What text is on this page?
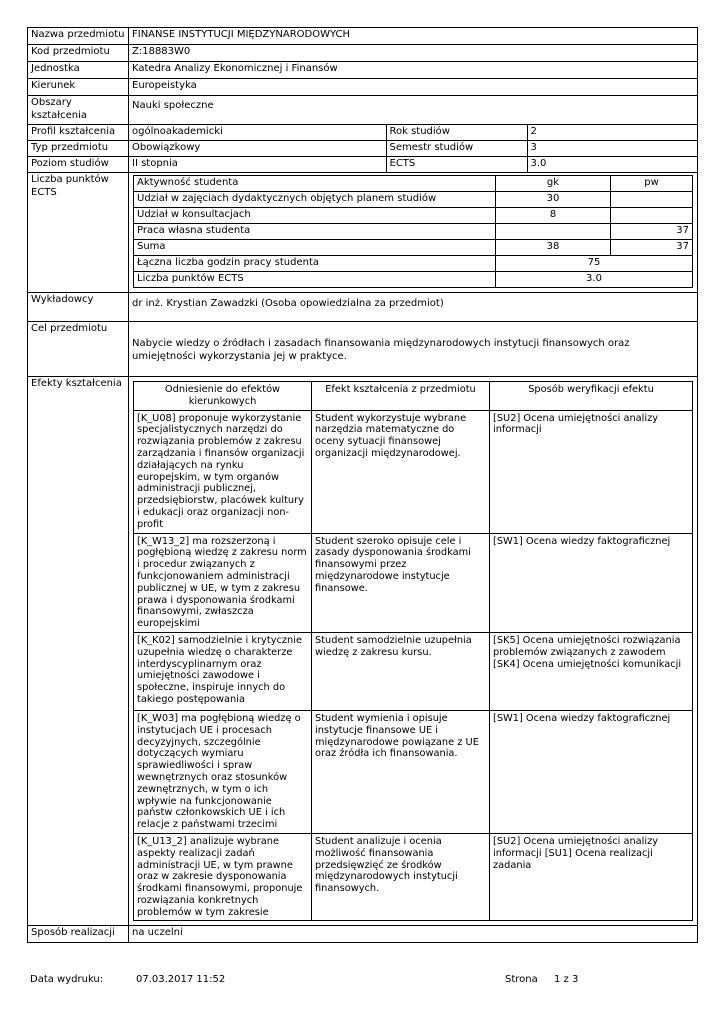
Nazwa przedmiotu	FINANSE INSTYTUCJI MIĘDZYNARODOWYCH
Kod przedmiotu	Z:18883W0
Jednostka	Katedra Analizy Ekonomicznej i Finansów
Kierunek	Europeistyka
Obszary kształcenia	Nauki społeczne
Profil kształcenia	ogólnoakademicki	Rok studiów	2

Typ przedmiotu	Obowiązkowy	Semestr studiów	3

Poziom studiów	II stopnia	ECTS	3.0

Liczba punktów ECTS	
Aktywność studenta	gk	pw
Udział w zajęciach dydaktycznych objętych planem studiów	30	
Udział w konsultacjach	8	
Praca własna studenta		37
Suma	38	37
Łączna liczba godzin pracy studenta	75
Liczba punktów ECTS	3.0

Wykładowcy	dr inż. Krystian Zawadzki (Osoba opowiedzialna za przedmiot)
Cel przedmiotu	Nabycie wiedzy o źródłach i zasadach finansowania międzynarodowych instytucji finansowych oraz umiejętności wykorzystania jej w praktyce.
Efekty kształcenia	
Odniesienie do efektów kierunkowych	Efekt kształcenia z przedmiotu	Sposób weryfikacji efektu
[K_U08] proponuje wykorzystanie specjalistycznych narzędzi do rozwiązania problemów z zakresu zarządzania i finansów organizacji działających na rynku europejskim, w tym organów administracji publicznej, przedsiębiorstw, placówek kultury i edukacji oraz organizacji non-profit	Student wykorzystuje wybrane narzędzia matematyczne do oceny sytuacji finansowej organizacji międzynarodowej.	[SU2] Ocena umiejętności analizy informacji
[K_W13_2] ma rozszerzoną i pogłębioną wiedzę z zakresu norm i procedur związanych z funkcjonowaniem administracji publicznej w UE, w tym z zakresu prawa i dysponowania środkami finansowymi, zwłaszcza europejskimi	Student szeroko opisuje cele i zasady dysponowania środkami finansowymi przez międzynarodowe instytucje finansowe.	[SW1] Ocena wiedzy faktograficznej
[K_K02] samodzielnie i krytycznie uzupełnia wiedzę o charakterze interdyscyplinarnym oraz umiejętności zawodowe i społeczne, inspiruje innych do takiego postępowania	Student samodzielnie uzupełnia wiedzę z zakresu kursu.	[SK5] Ocena umiejętności rozwiązania problemów związanych z zawodem [SK4] Ocena umiejętności komunikacji
[K_W03] ma pogłębioną wiedzę o instytucjach UE i procesach decyzyjnych, szczególnie dotyczących wymiaru sprawiedliwości i spraw wewnętrznych oraz stosunków zewnętrznych, w tym o ich wpływie na funkcjonowanie państw członkowskich UE i ich relacje z państwami trzecimi	Student wymienia i opisuje instytucje finansowe UE i międzynarodowe powiązane z UE oraz źródła ich finansowania.	[SW1] Ocena wiedzy faktograficznej
[K_U13_2] analizuje wybrane aspekty realizacji zadań administracji UE, w tym prawne oraz w zakresie dysponowania środkami finansowymi, proponuje rozwiązania konkretnych problemów w tym zakresie	Student analizuje i ocenia możliwość finansowania przedsięwzięć ze środków międzynarodowych instytucji finansowych.	[SU2] Ocena umiejętności analizy informacji [SU1] Ocena realizacji zadania

Sposób realizacji	na uczelni
Data wydruku:	07.03.2017 11:52	Strona 1 z 3
